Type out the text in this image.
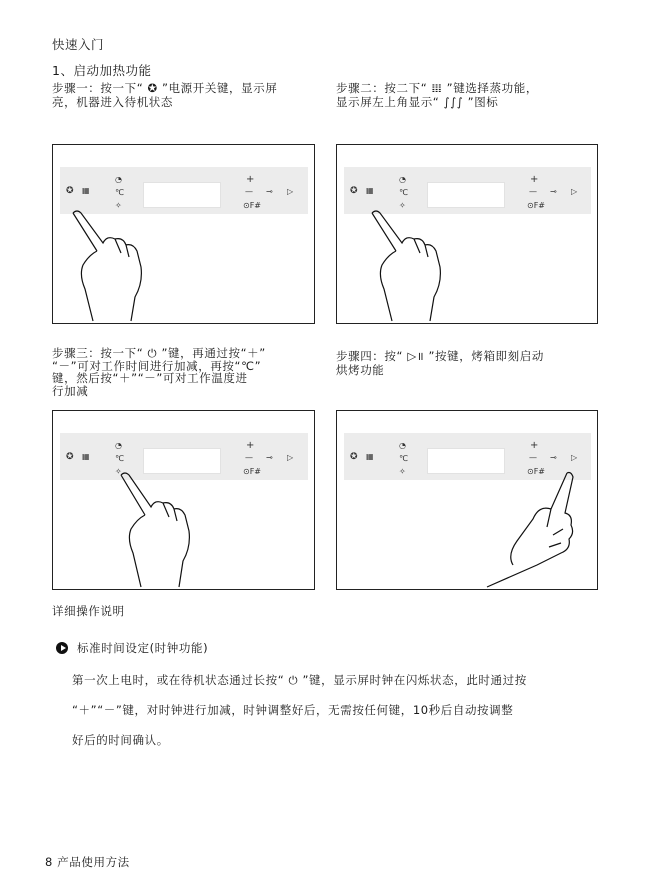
快速入门
1、启动加热功能
步骤一：按一下“ ✪ ”电源开关键，显示屏
亮，机器进入待机状态
步骤二：按二下“ 𝍖 ”键选择蒸功能，
显示屏左上角显示“ ∫∫∫ ”图标
✪ ▦
◔
℃
✧
+
— ⊸ ▷
⊙F#
✪ ▦
◔
℃
✧
+
— ⊸ ▷
⊙F#
步骤三：按一下“ ⏻ ”键，再通过按“＋”
“－”可对工作时间进行加减，再按“℃”
键，然后按“＋”“－”可对工作温度进
行加减
步骤四：按“ ▷॥ ”按键，烤箱即刻启动
烘烤功能
✪ ▦
◔
℃
✧
+
— ⊸ ▷
⊙F#
✪ ▦
◔
℃
✧
+
— ⊸ ▷
⊙F#
详细操作说明
标准时间设定(时钟功能)
第一次上电时，或在待机状态通过长按“ ⏻ ”键，显示屏时钟在闪烁状态，此时通过按
“＋”“－”键，对时钟进行加减，时钟调整好后，无需按任何键，10秒后自动按调整
好后的时间确认。
8 产品使用方法
